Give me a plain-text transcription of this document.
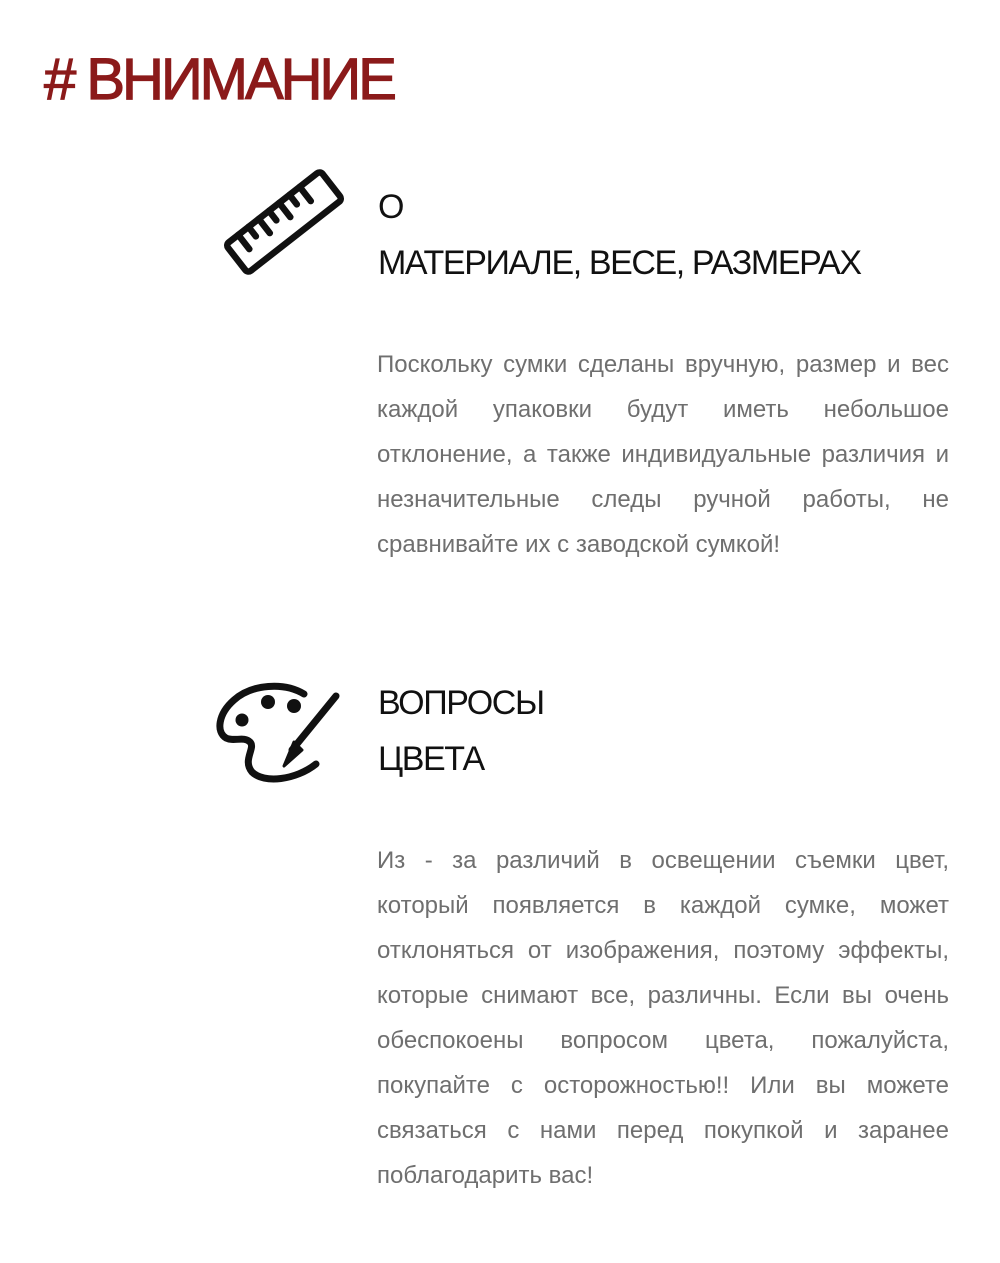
# ВНИМАНИЕ
О
МАТЕРИАЛЕ, ВЕСЕ, РАЗМЕРАХ

Поскольку сумки сделаны вручную, размер и вес каждой упаковки будут иметь небольшое отклонение, а также индивидуальные различия и незначительные следы ручной работы, не сравнивайте их с заводской сумкой!

ВОПРОСЫ
ЦВЕТА

Из - за различий в освещении съемки цвет, который появляется в каждой сумке, может отклоняться от изображения, поэтому эффекты, которые снимают все, различны. Если вы очень обеспокоены вопросом цвета, пожалуйста, покупайте с осторожностью!! Или вы можете связаться с нами перед покупкой и заранее поблагодарить вас!
